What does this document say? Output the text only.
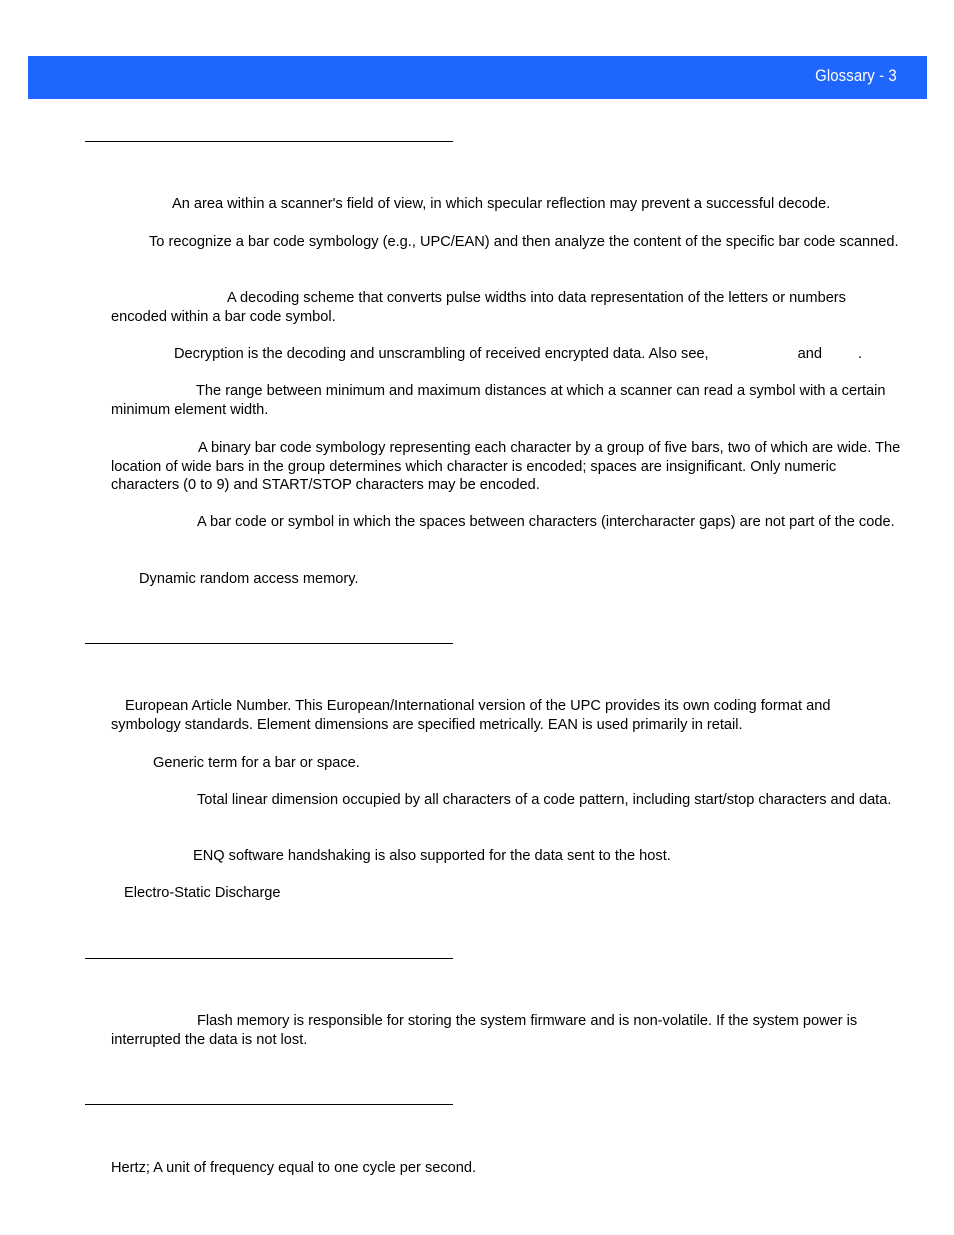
Glossary - 3
An area within a scanner's field of view, in which specular reflection may prevent a successful decode.
To recognize a bar code symbology (e.g., UPC/EAN) and then analyze the content of the specific bar code scanned.
A decoding scheme that converts pulse widths into data representation of the letters or numbers encoded within a bar code symbol.
Decryption is the decoding and unscrambling of received encrypted data. Also see,	and .
The range between minimum and maximum distances at which a scanner can read a symbol with a certain minimum element width.
A binary bar code symbology representing each character by a group of five bars, two of which are wide. The location of wide bars in the group determines which character is encoded; spaces are insignificant. Only numeric characters (0 to 9) and START/STOP characters may be encoded.
A bar code or symbol in which the spaces between characters (intercharacter gaps) are not part of the code.
Dynamic random access memory.
European Article Number. This European/International version of the UPC provides its own coding format and symbology standards. Element dimensions are specified metrically. EAN is used primarily in retail.
Generic term for a bar or space.
Total linear dimension occupied by all characters of a code pattern, including start/stop characters and data.
ENQ software handshaking is also supported for the data sent to the host.
Electro-Static Discharge
Flash memory is responsible for storing the system firmware and is non-volatile. If the system power is interrupted the data is not lost.
Hertz; A unit of frequency equal to one cycle per second.
